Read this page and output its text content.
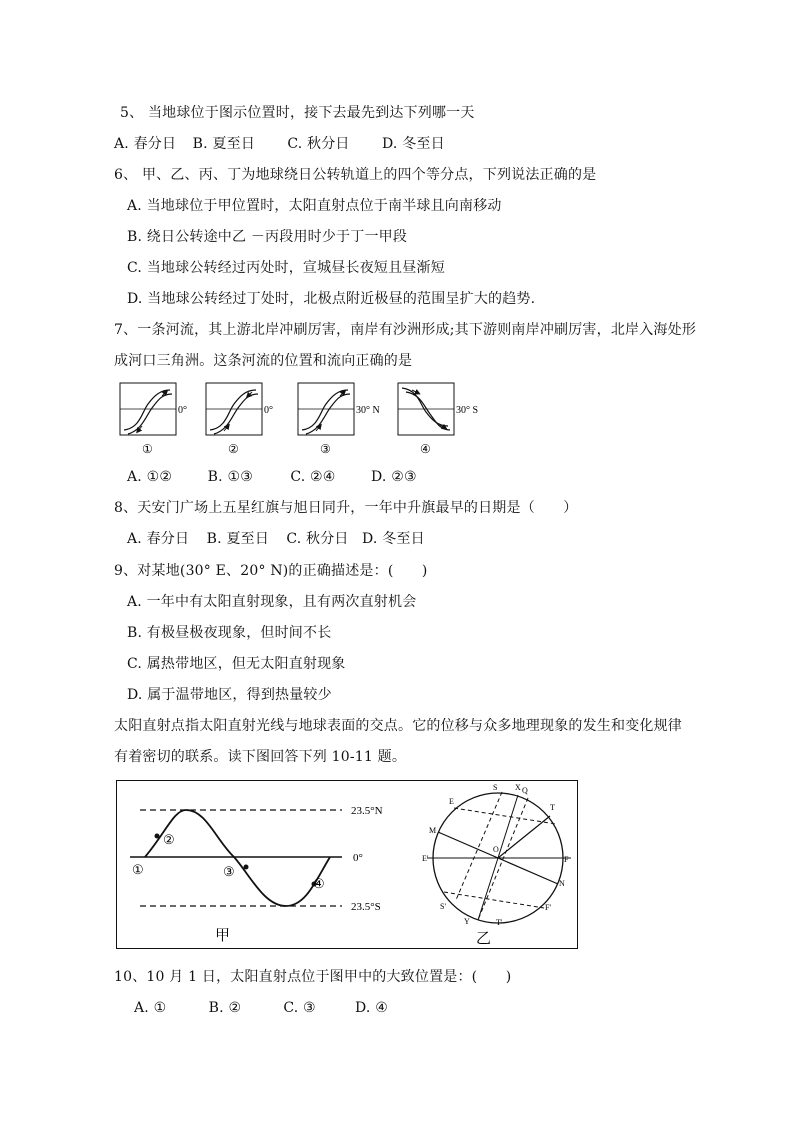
5、 当地球位于图示位置时，接下去最先到达下列哪一天
A. 春分日 B. 夏至日 C. 秋分日 D. 冬至日
6、 甲、乙、丙、丁为地球绕日公转轨道上的四个等分点，下列说法正确的是
A. 当地球位于甲位置时，太阳直射点位于南半球且向南移动
B. 绕日公转途中乙 －丙段用时少于丁一甲段
C. 当地球公转经过丙处时，宣城昼长夜短且昼渐短
D. 当地球公转经过丁处时，北极点附近极昼的范围呈扩大的趋势.
7、一条河流，其上游北岸冲刷厉害，南岸有沙洲形成;其下游则南岸冲刷厉害，北岸入海处形
成河口三角洲。这条河流的位置和流向正确的是
0°
①
0°
②
30° N
③
30° S
④
A. ①②	B. ①③	C. ②④	D. ②③
8、天安门广场上五星红旗与旭日同升，一年中升旗最早的日期是（　　）
A. 春分日 B. 夏至日 C. 秋分日 D. 冬至日
9、对某地(30° E、20° N)的正确描述是：(　　)
A. 一年中有太阳直射现象，且有两次直射机会
B. 有极昼极夜现象，但时间不长
C. 属热带地区，但无太阳直射现象
D. 属于温带地区，得到热量较少
太阳直射点指太阳直射光线与地球表面的交点。它的位移与众多地理现象的发生和变化规律
有着密切的联系。读下图回答下列 10-11 题。
23.5°N
0°
23.5°S
①
②
③
④
甲
S X Q
E
T
M
O
E'	F
N
S'	F'
Y	T'
乙
10、10 月 1 日，太阳直射点位于图甲中的大致位置是：(　　)
A. ①	B. ②	C. ③	D. ④
